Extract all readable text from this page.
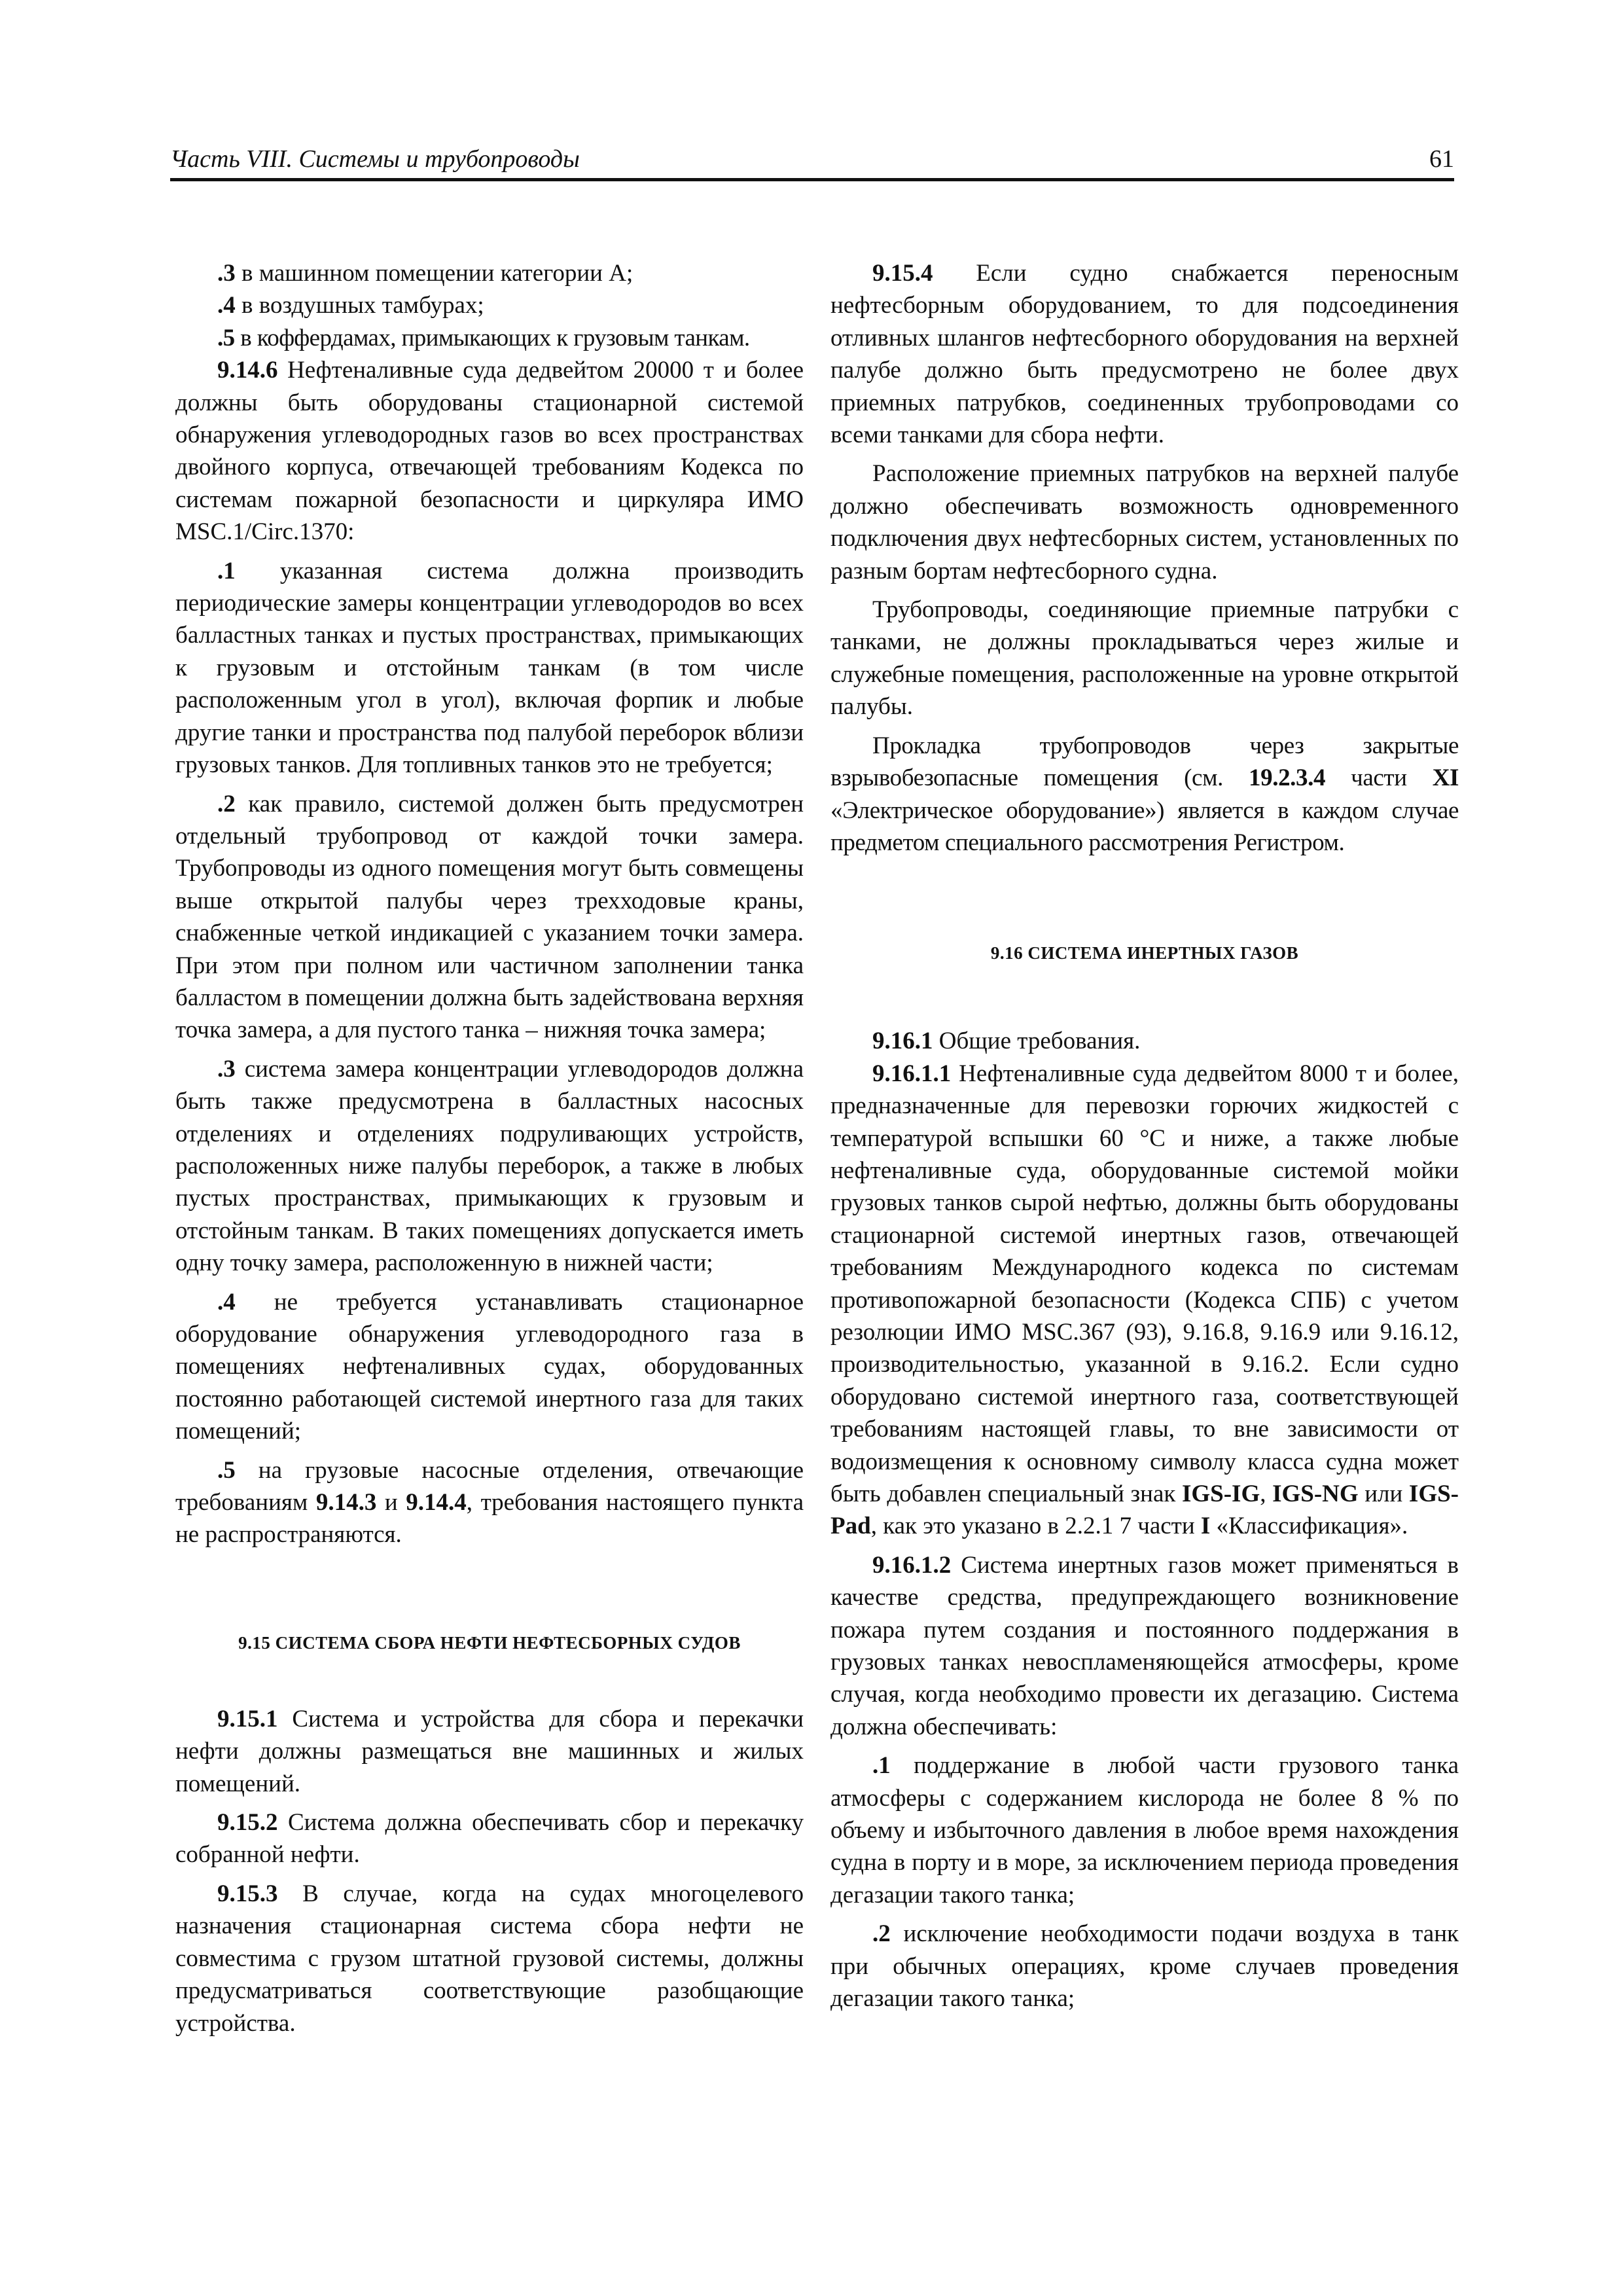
Часть VIII. Системы и трубопроводы	61

.3 в машинном помещении категории А;

.4 в воздушных тамбурах;

.5 в коффердамах, примыкающих к грузовым танкам.

9.14.6 Нефтеналивные суда дедвейтом 20000 т и более должны быть оборудованы стационарной системой обнаружения углеводородных газов во всех пространствах двойного корпуса, отвечающей требованиям Кодекса по системам пожарной безопасности и циркуляра ИМО MSC.1/Circ.1370:

.1 указанная система должна производить периодические замеры концентрации углеводородов во всех балластных танках и пустых пространствах, примыкающих к грузовым и отстойным танкам (в том числе расположенным угол в угол), включая форпик и любые другие танки и пространства под палубой переборок вблизи грузовых танков. Для топливных танков это не требуется;

.2 как правило, системой должен быть предусмотрен отдельный трубопровод от каждой точки замера. Трубопроводы из одного помещения могут быть совмещены выше открытой палубы через трехходовые краны, снабженные четкой индикацией с указанием точки замера. При этом при полном или частичном заполнении танка балластом в помещении должна быть задействована верхняя точка замера, а для пустого танка – нижняя точка замера;

.3 система замера концентрации углеводородов должна быть также предусмотрена в балластных насосных отделениях и отделениях подруливающих устройств, расположенных ниже палубы переборок, а также в любых пустых пространствах, примыкающих к грузовым и отстойным танкам. В таких помещениях допускается иметь одну точку замера, расположенную в нижней части;

.4 не требуется устанавливать стационарное оборудование обнаружения углеводородного газа в помещениях нефтеналивных судах, оборудованных постоянно работающей системой инертного газа для таких помещений;

.5 на грузовые насосные отделения, отвечающие требованиям 9.14.3 и 9.14.4, требования настоящего пункта не распространяются.

9.15 СИСТЕМА СБОРА НЕФТИ НЕФТЕСБОРНЫХ СУДОВ

9.15.1 Система и устройства для сбора и перекачки нефти должны размещаться вне машинных и жилых помещений.

9.15.2 Система должна обеспечивать сбор и перекачку собранной нефти.

9.15.3 В случае, когда на судах многоцелевого назначения стационарная система сбора нефти не совместима с грузом штатной грузовой системы, должны предусматриваться соответствующие разобщающие устройства.

9.15.4 Если судно снабжается переносным нефтесборным оборудованием, то для подсоединения отливных шлангов нефтесборного оборудования на верхней палубе должно быть предусмотрено не более двух приемных патрубков, соединенных трубопроводами со всеми танками для сбора нефти.

Расположение приемных патрубков на верхней палубе должно обеспечивать возможность одновременного подключения двух нефтесборных систем, установленных по разным бортам нефтесборного судна.

Трубопроводы, соединяющие приемные патрубки с танками, не должны прокладываться через жилые и служебные помещения, расположенные на уровне открытой палубы.

Прокладка трубопроводов через закрытые взрывобезопасные помещения (см. 19.2.3.4 части XI «Электрическое оборудование») является в каждом случае предметом специального рассмотрения Регистром.

9.16 СИСТЕМА ИНЕРТНЫХ ГАЗОВ

9.16.1 Общие требования.

9.16.1.1 Нефтеналивные суда дедвейтом 8000 т и более, предназначенные для перевозки горючих жидкостей с температурой вспышки 60 °С и ниже, а также любые нефтеналивные суда, оборудованные системой мойки грузовых танков сырой нефтью, должны быть оборудованы стационарной системой инертных газов, отвечающей требованиям Международного кодекса по системам противопожарной безопасности (Кодекса СПБ) с учетом резолюции ИМО MSC.367 (93), 9.16.8, 9.16.9 или 9.16.12, производительностью, указанной в 9.16.2. Если судно оборудовано системой инертного газа, соответствующей требованиям настоящей главы, то вне зависимости от водоизмещения к основному символу класса судна может быть добавлен специальный знак IGS-IG, IGS-NG или IGS-Pad, как это указано в 2.2.1 7 части I «Классификация».

9.16.1.2 Система инертных газов может применяться в качестве средства, предупреждающего возникновение пожара путем создания и постоянного поддержания в грузовых танках невоспламеняющейся атмосферы, кроме случая, когда необходимо провести их дегазацию. Система должна обеспечивать:

.1 поддержание в любой части грузового танка атмосферы с содержанием кислорода не более 8 % по объему и избыточного давления в любое время нахождения судна в порту и в море, за исключением периода проведения дегазации такого танка;

.2 исключение необходимости подачи воздуха в танк при обычных операциях, кроме случаев проведения дегазации такого танка;
